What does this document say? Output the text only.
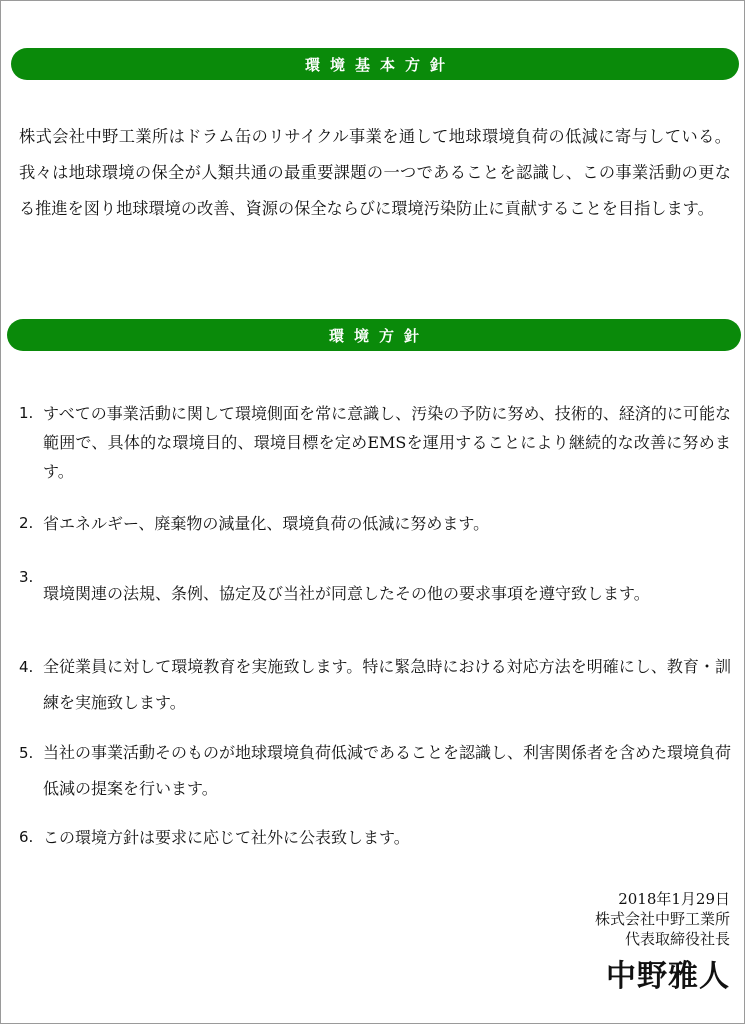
環境基本方針

株式会社中野工業所はドラム缶のリサイクル事業を通して地球環境負荷の低減に寄与している。我々は地球環境の保全が人類共通の最重要課題の一つであることを認識し、この事業活動の更なる推進を図り地球環境の改善、資源の保全ならびに環境汚染防止に貢献することを目指します。

環境方針
1. すべての事業活動に関して環境側面を常に意識し、汚染の予防に努め、技術的、経済的に可能な範囲で、具体的な環境目的、環境目標を定めEMSを運用することにより継続的な改善に努めます。
2. 省エネルギー、廃棄物の減量化、環境負荷の低減に努めます。
3.
環境関連の法規、条例、協定及び当社が同意したその他の要求事項を遵守致します。
4. 全従業員に対して環境教育を実施致します。特に緊急時における対応方法を明確にし、教育・訓練を実施致します。
5. 当社の事業活動そのものが地球環境負荷低減であることを認識し、利害関係者を含めた環境負荷低減の提案を行います。
6. この環境方針は要求に応じて社外に公表致します。
2018年1月29日
株式会社中野工業所
代表取締役社長
中野雅人
